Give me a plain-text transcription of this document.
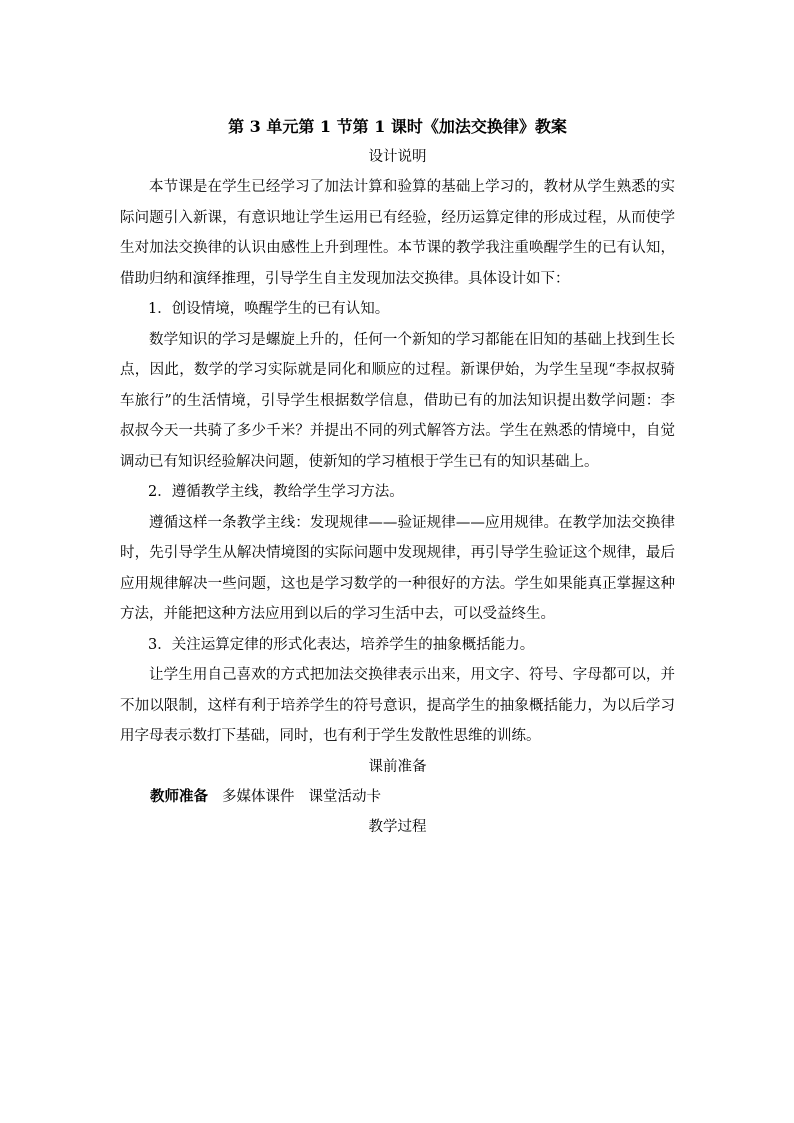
第 3 单元第 1 节第 1 课时《加法交换律》教案

设计说明

本节课是在学生已经学习了加法计算和验算的基础上学习的，教材从学生熟悉的实际问题引入新课，有意识地让学生运用已有经验，经历运算定律的形成过程，从而使学生对加法交换律的认识由感性上升到理性。本节课的教学我注重唤醒学生的已有认知，借助归纳和演绎推理，引导学生自主发现加法交换律。具体设计如下：

1．创设情境，唤醒学生的已有认知。

数学知识的学习是螺旋上升的，任何一个新知的学习都能在旧知的基础上找到生长点，因此，数学的学习实际就是同化和顺应的过程。新课伊始，为学生呈现“李叔叔骑车旅行”的生活情境，引导学生根据数学信息，借助已有的加法知识提出数学问题：李叔叔今天一共骑了多少千米？并提出不同的列式解答方法。学生在熟悉的情境中，自觉调动已有知识经验解决问题，使新知的学习植根于学生已有的知识基础上。

2．遵循教学主线，教给学生学习方法。

遵循这样一条教学主线：发现规律——验证规律——应用规律。在教学加法交换律时，先引导学生从解决情境图的实际问题中发现规律，再引导学生验证这个规律，最后应用规律解决一些问题，这也是学习数学的一种很好的方法。学生如果能真正掌握这种方法，并能把这种方法应用到以后的学习生活中去，可以受益终生。

3．关注运算定律的形式化表达，培养学生的抽象概括能力。

让学生用自己喜欢的方式把加法交换律表示出来，用文字、符号、字母都可以，并不加以限制，这样有利于培养学生的符号意识，提高学生的抽象概括能力，为以后学习用字母表示数打下基础，同时，也有利于学生发散性思维的训练。

课前准备

教师准备 多媒体课件 课堂活动卡

教学过程
